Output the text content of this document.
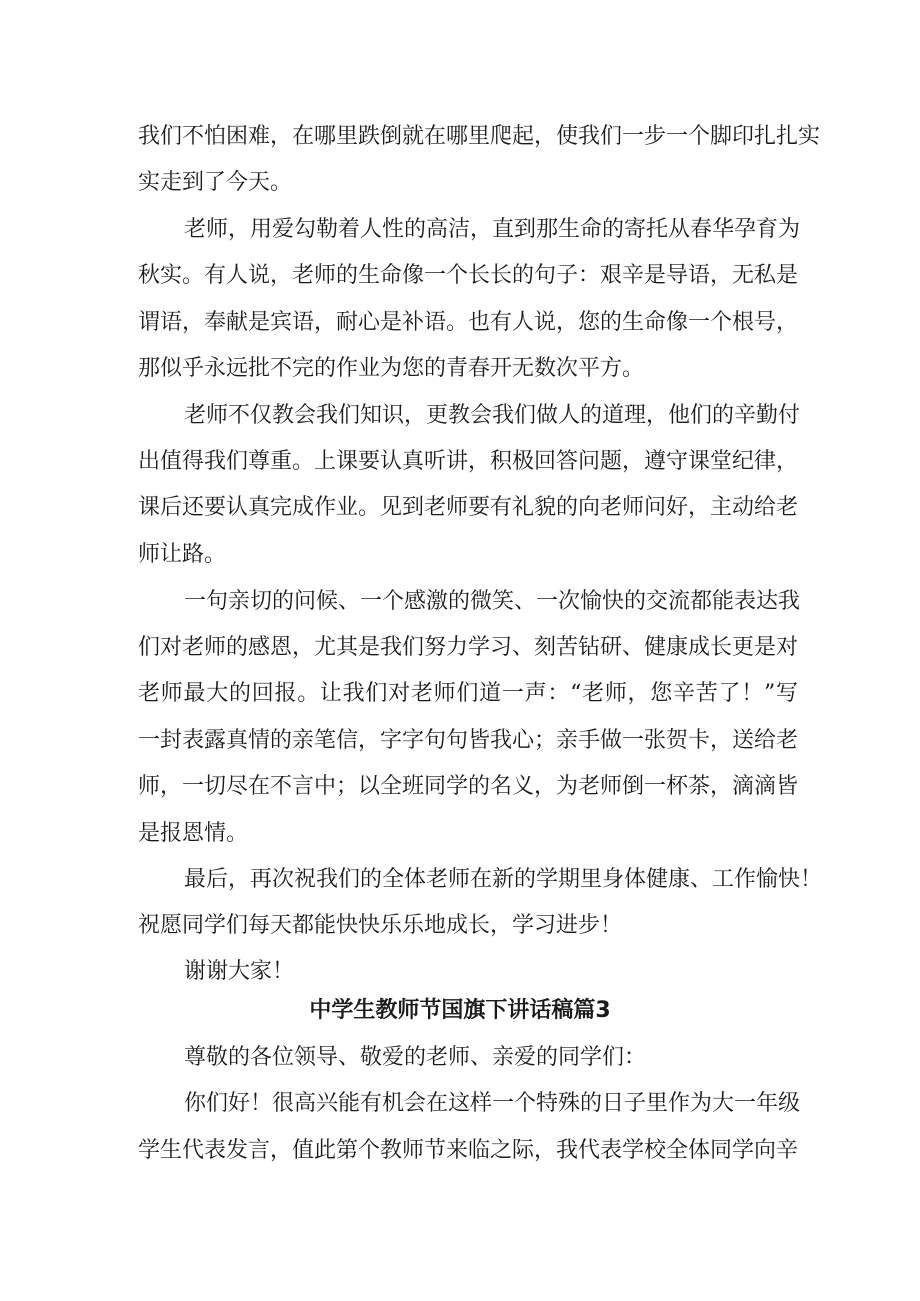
我们不怕困难，在哪里跌倒就在哪里爬起，使我们一步一个脚印扎扎实

实走到了今天。

老师，用爱勾勒着人性的高洁，直到那生命的寄托从春华孕育为

秋实。有人说，老师的生命像一个长长的句子：艰辛是导语，无私是

谓语，奉献是宾语，耐心是补语。也有人说，您的生命像一个根号，

那似乎永远批不完的作业为您的青春开无数次平方。

老师不仅教会我们知识，更教会我们做人的道理，他们的辛勤付

出值得我们尊重。上课要认真听讲，积极回答问题，遵守课堂纪律，

课后还要认真完成作业。见到老师要有礼貌的向老师问好，主动给老

师让路。

一句亲切的问候、一个感激的微笑、一次愉快的交流都能表达我

们对老师的感恩，尤其是我们努力学习、刻苦钻研、健康成长更是对

老师最大的回报。让我们对老师们道一声：“老师，您辛苦了！”写

一封表露真情的亲笔信，字字句句皆我心；亲手做一张贺卡，送给老

师，一切尽在不言中；以全班同学的名义，为老师倒一杯茶，滴滴皆

是报恩情。

最后，再次祝我们的全体老师在新的学期里身体健康、工作愉快！

祝愿同学们每天都能快快乐乐地成长，学习进步！

谢谢大家！

中学生教师节国旗下讲话稿篇3

尊敬的各位领导、敬爱的老师、亲爱的同学们：

你们好！很高兴能有机会在这样一个特殊的日子里作为大一年级

学生代表发言，值此第个教师节来临之际，我代表学校全体同学向辛
